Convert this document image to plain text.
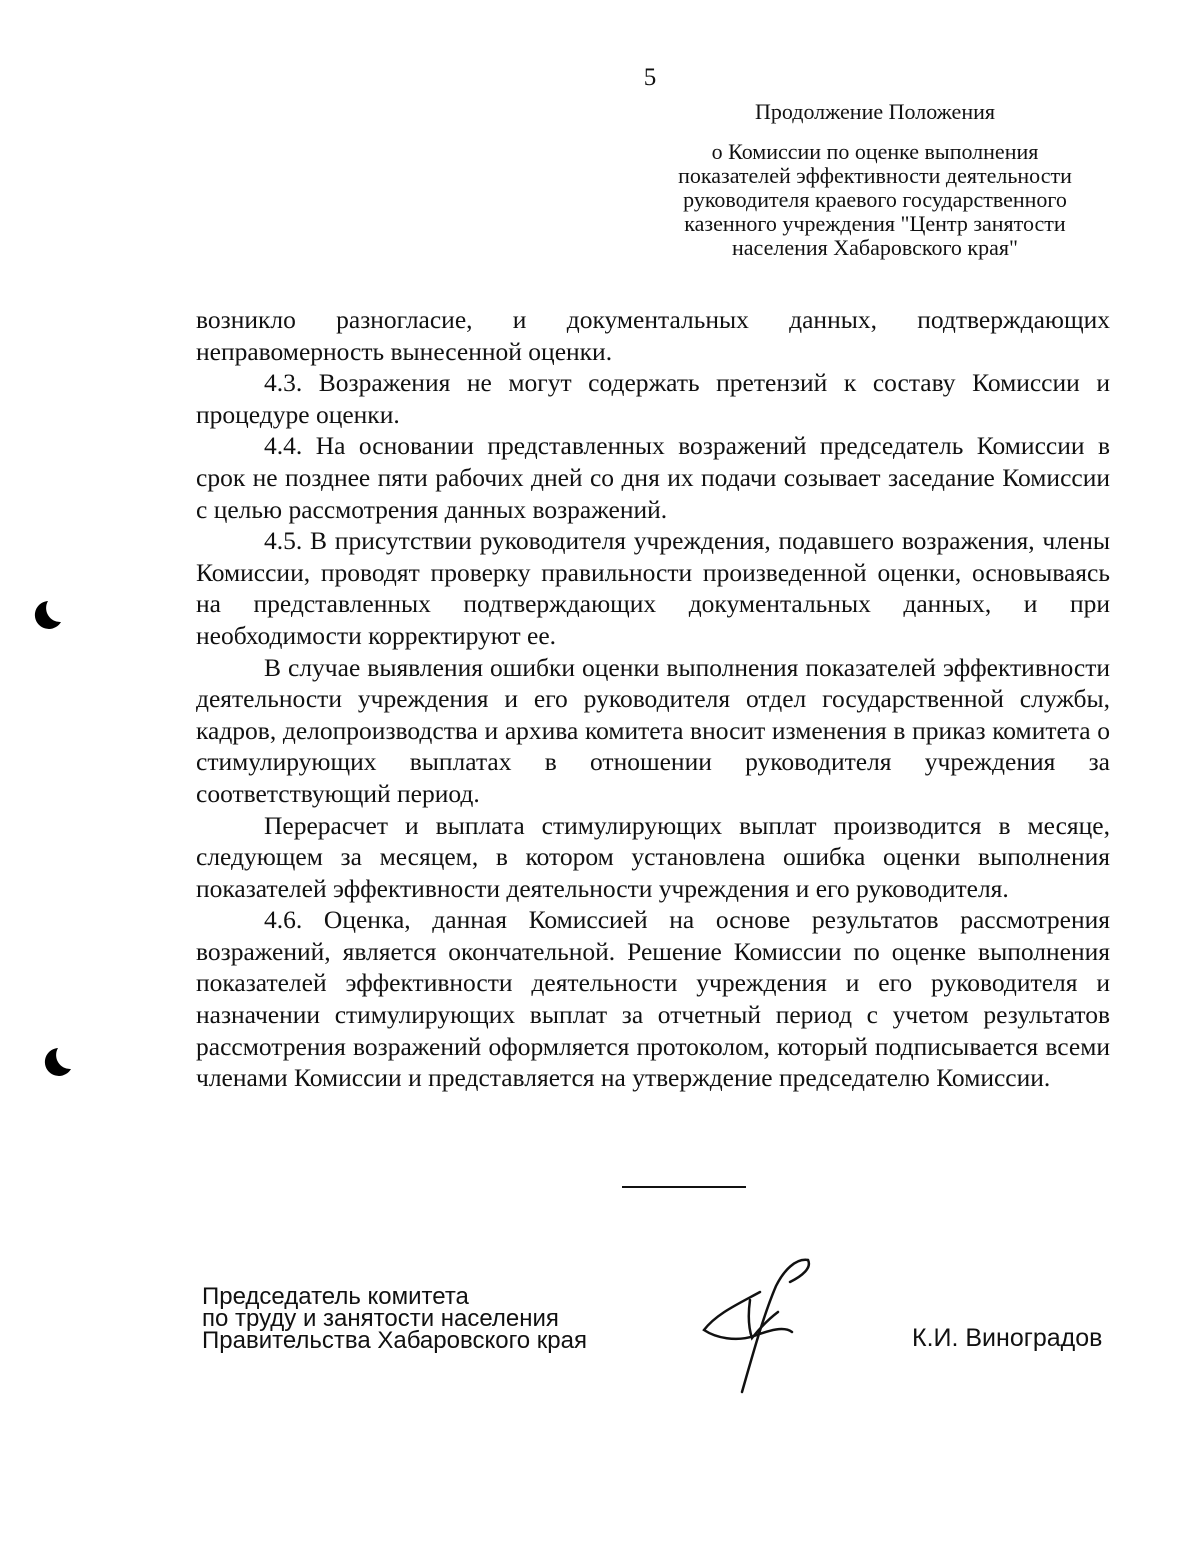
5
Продолжение Положения
о Комиссии по оценке выполнения
показателей эффективности деятельности
руководителя краевого государственного
казенного учреждения "Центр занятости
населения Хабаровского края"

возникло разногласие, и документальных данных, подтверждающих неправомерность вынесенной оценки.

4.3. Возражения не могут содержать претензий к составу Комиссии и процедуре оценки.

4.4. На основании представленных возражений председатель Комиссии в срок не позднее пяти рабочих дней со дня их подачи созывает заседание Комиссии с целью рассмотрения данных возражений.

4.5. В присутствии руководителя учреждения, подавшего возражения, члены Комиссии, проводят проверку правильности произведенной оценки, основываясь на представленных подтверждающих документальных данных, и при необходимости корректируют ее.

В случае выявления ошибки оценки выполнения показателей эффективности деятельности учреждения и его руководителя отдел государственной службы, кадров, делопроизводства и архива комитета вносит изменения в приказ комитета о стимулирующих выплатах в отношении руководителя учреждения за соответствующий период.

Перерасчет и выплата стимулирующих выплат производится в месяце, следующем за месяцем, в котором установлена ошибка оценки выполнения показателей эффективности деятельности учреждения и его руководителя.

4.6. Оценка, данная Комиссией на основе результатов рассмотрения возражений, является окончательной. Решение Комиссии по оценке выполнения показателей эффективности деятельности учреждения и его руководителя и назначении стимулирующих выплат за отчетный период с учетом результатов рассмотрения возражений оформляется протоколом, который подписывается всеми членами Комиссии и представляется на утверждение председателю Комиссии.

Председатель комитета
по труду и занятости населения
Правительства Хабаровского края	К.И. Виноградов
